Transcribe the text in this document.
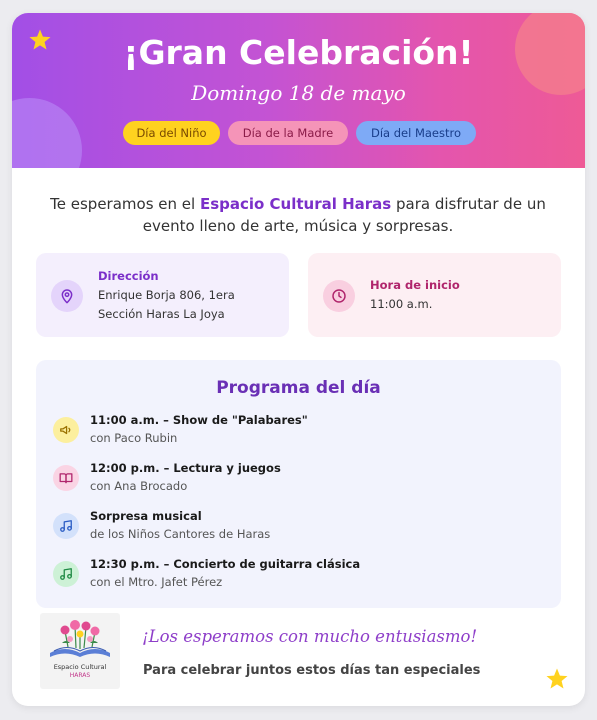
¡Gran Celebración!
Domingo 18 de mayo
Día del Niño	Día de la Madre	Día del Maestro
Te esperamos en el Espacio Cultural Haras para disfrutar de un evento lleno de arte, música y sorpresas.
Dirección
Enrique Borja 806, 1era
Sección Haras La Joya
Hora de inicio
11:00 a.m.
Programa del día
11:00 a.m. – Show de "Palabares"
con Paco Rubin
12:00 p.m. – Lectura y juegos
con Ana Brocado
Sorpresa musical
de los Niños Cantores de Haras
12:30 p.m. – Concierto de guitarra clásica
con el Mtro. Jafet Pérez
Espacio Cultural
HARAS
¡Los esperamos con mucho entusiasmo!
Para celebrar juntos estos días tan especiales
